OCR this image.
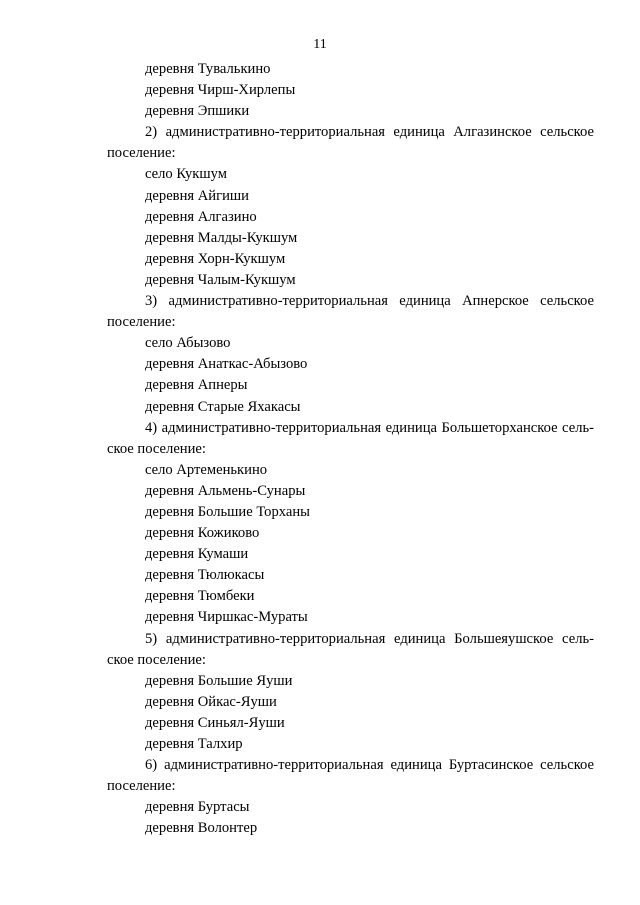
11
деревня Тувалькино
деревня Чирш-Хирлепы
деревня Эпшики
2) административно-территориальная единица Алгазинское сельское
поселение:
село Кукшум
деревня Айгиши
деревня Алгазино
деревня Малды-Кукшум
деревня Хорн-Кукшум
деревня Чалым-Кукшум
3) административно-территориальная единица Апнерское сельское
поселение:
село Абызово
деревня Анаткас-Абызово
деревня Апнеры
деревня Старые Яхакасы
4) административно-территориальная единица Большеторханское сель-
ское поселение:
село Артеменькино
деревня Альмень-Сунары
деревня Большие Торханы
деревня Кожиково
деревня Кумаши
деревня Тюлюкасы
деревня Тюмбеки
деревня Чиршкас-Мураты
5) административно-территориальная единица Большеяушское сель-
ское поселение:
деревня Большие Яуши
деревня Ойкас-Яуши
деревня Синьял-Яуши
деревня Талхир
6) административно-территориальная единица Буртасинское сельское
поселение:
деревня Буртасы
деревня Волонтер
